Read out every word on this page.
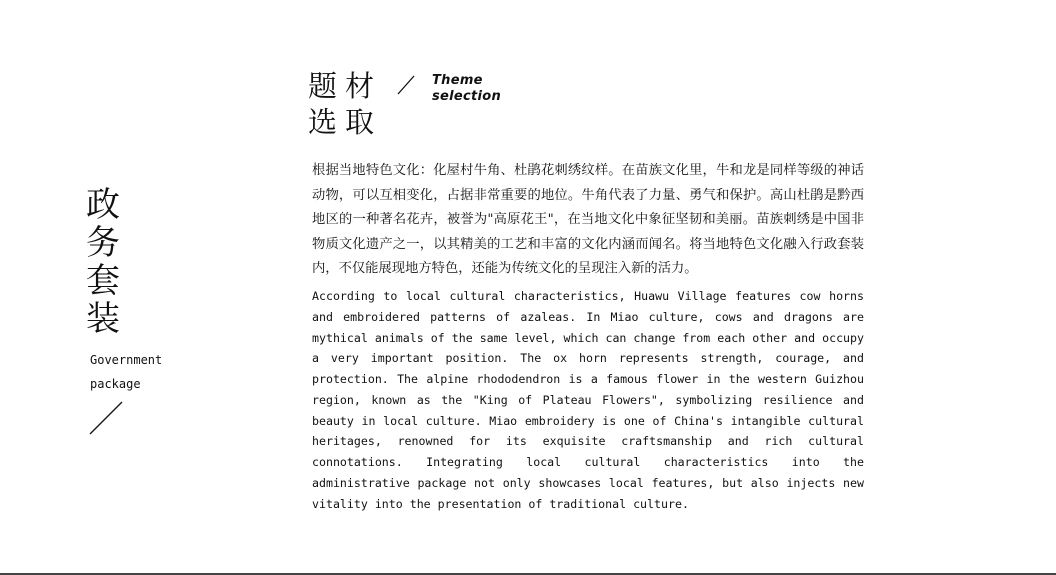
政
务
套
装
Government
package
题材
选取
Theme
selection

根据当地特色文化：化屋村牛角、杜鹃花刺绣纹样。在苗族文化里，牛和龙是同样等级的神话动物，可以互相变化，占据非常重要的地位。牛角代表了力量、勇气和保护。高山杜鹃是黔西地区的一种著名花卉，被誉为"高原花王"，在当地文化中象征坚韧和美丽。苗族刺绣是中国非物质文化遗产之一，以其精美的工艺和丰富的文化内涵而闻名。将当地特色文化融入行政套装内，不仅能展现地方特色，还能为传统文化的呈现注入新的活力。

According to local cultural characteristics, Huawu Village features cow horns and embroidered patterns of azaleas. In Miao culture, cows and dragons are mythical animals of the same level, which can change from each other and occupy a very important position. The ox horn represents strength, courage, and protection. The alpine rhododendron is a famous flower in the western Guizhou region, known as the "King of Plateau Flowers", symbolizing resilience and beauty in local culture. Miao embroidery is one of China's intangible cultural heritages, renowned for its exquisite craftsmanship and rich cultural connotations. Integrating local cultural characteristics into the administrative package not only showcases local features, but also injects new vitality into the presentation of traditional culture.
